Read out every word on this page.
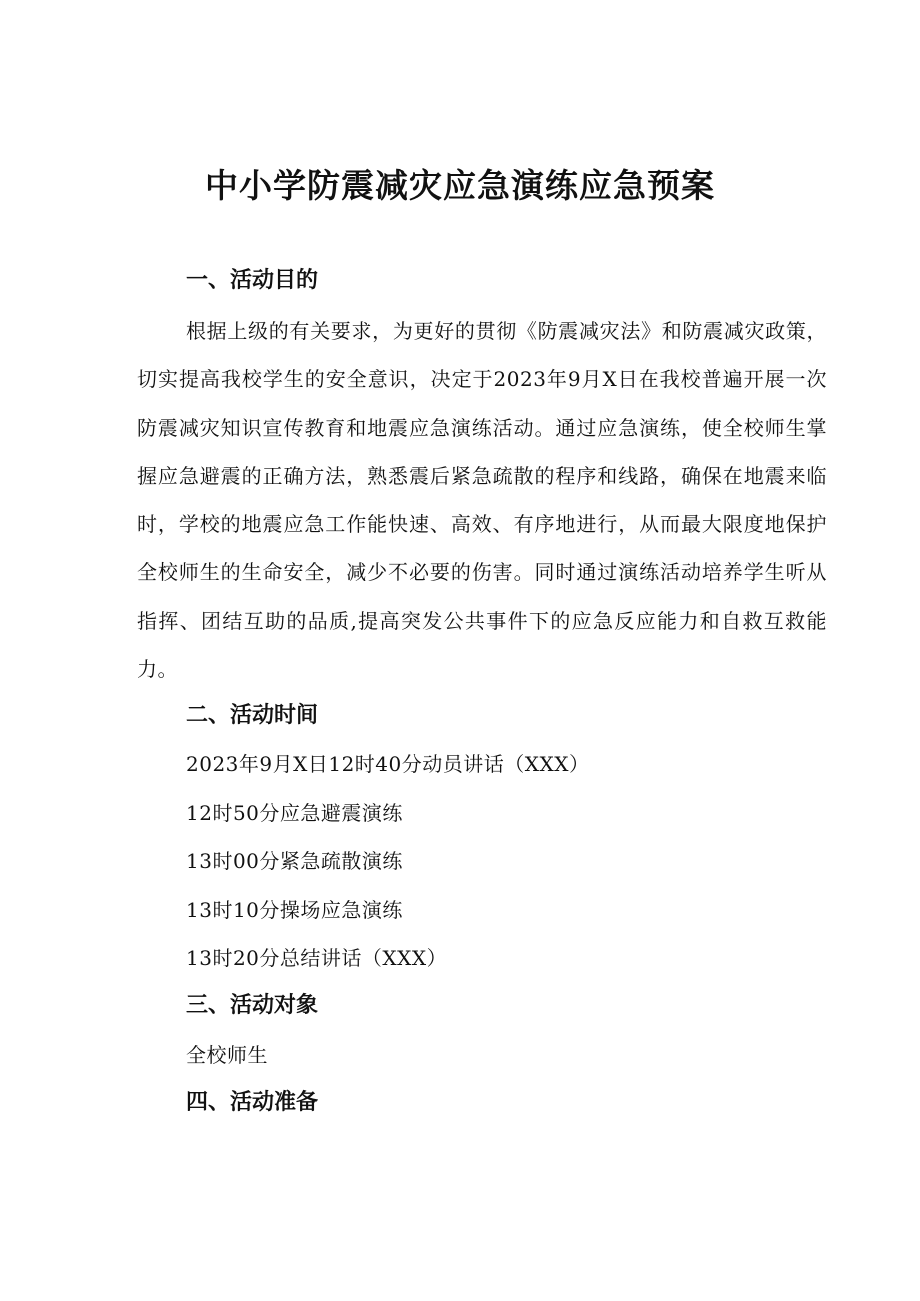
中小学防震减灾应急演练应急预案
一、活动目的

根据上级的有关要求，为更好的贯彻《防震减灾法》和防震减灾政策，切实提高我校学生的安全意识，决定于2023年9月X日在我校普遍开展一次防震减灾知识宣传教育和地震应急演练活动。通过应急演练，使全校师生掌握应急避震的正确方法，熟悉震后紧急疏散的程序和线路，确保在地震来临时，学校的地震应急工作能快速、高效、有序地进行，从而最大限度地保护全校师生的生命安全，减少不必要的伤害。同时通过演练活动培养学生听从指挥、团结互助的品质,提高突发公共事件下的应急反应能力和自救互救能力。

二、活动时间
2023年9月X日12时40分动员讲话（XXX）
12时50分应急避震演练
13时00分紧急疏散演练
13时10分操场应急演练
13时20分总结讲话（XXX）
三、活动对象
全校师生
四、活动准备
